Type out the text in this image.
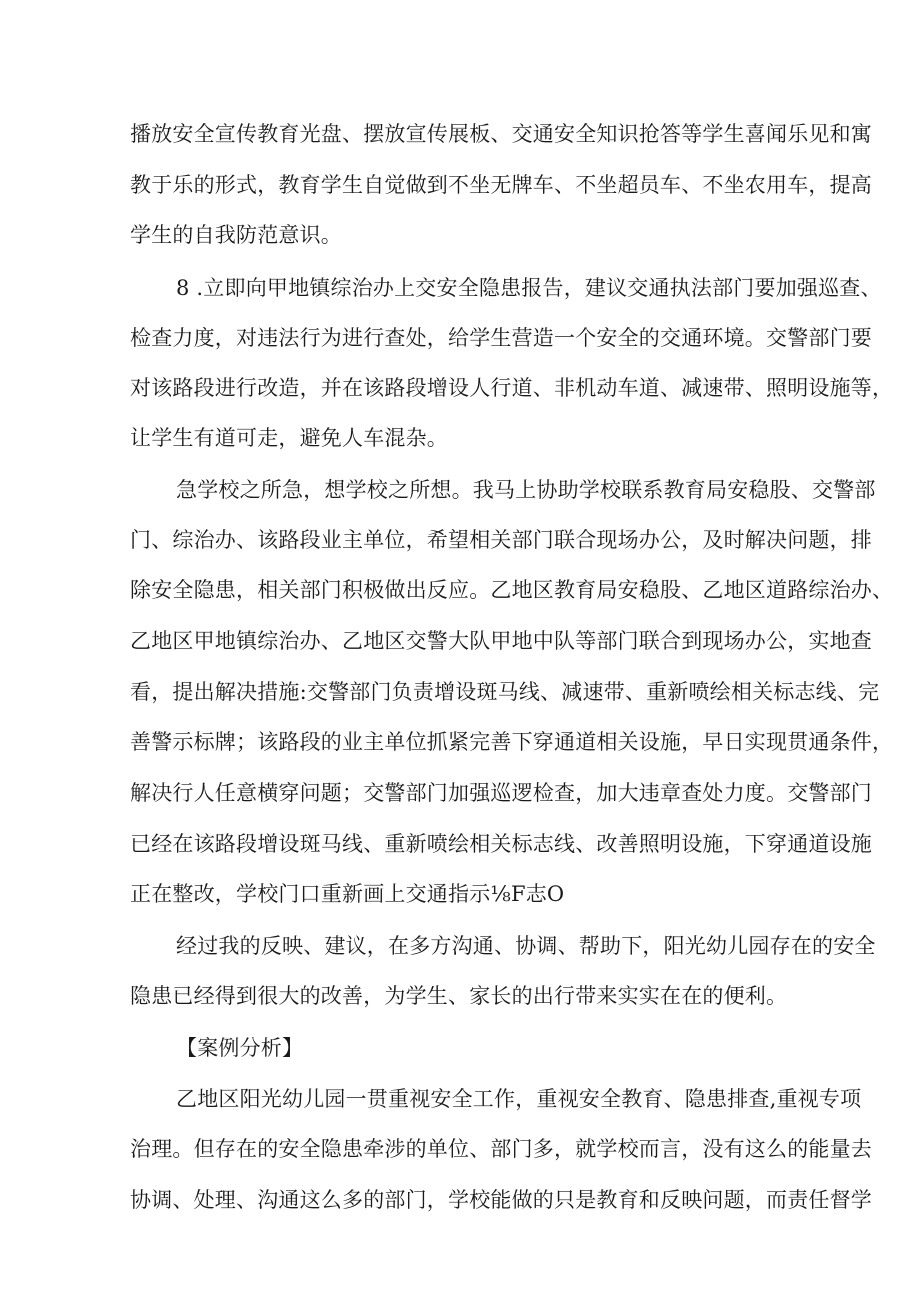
播放安全宣传教育光盘、摆放宣传展板、交通安全知识抢答等学生喜闻乐见和寓
教于乐的形式，教育学生自觉做到不坐无牌车、不坐超员车、不坐农用车，提高
学生的自我防范意识。
8 .立即向甲地镇综治办上交安全隐患报告，建议交通执法部门要加强巡查、
检查力度，对违法行为进行查处，给学生营造一个安全的交通环境。交警部门要
对该路段进行改造，并在该路段增设人行道、非机动车道、减速带、照明设施等，
让学生有道可走，避免人车混杂。
急学校之所急，想学校之所想。我马上协助学校联系教育局安稳股、交警部
门、综治办、该路段业主单位，希望相关部门联合现场办公，及时解决问题，排
除安全隐患，相关部门积极做出反应。乙地区教育局安稳股、乙地区道路综治办、
乙地区甲地镇综治办、乙地区交警大队甲地中队等部门联合到现场办公，实地查
看，提出解决措施:交警部门负责增设斑马线、减速带、重新喷绘相关标志线、完
善警示标牌；该路段的业主单位抓紧完善下穿通道相关设施，早日实现贯通条件，
解决行人任意横穿问题；交警部门加强巡逻检查，加大违章查处力度。交警部门
已经在该路段增设斑马线、重新喷绘相关标志线、改善照明设施，下穿通道设施
正在整改，学校门口重新画上交通指示⅛F志O
经过我的反映、建议，在多方沟通、协调、帮助下，阳光幼儿园存在的安全
隐患已经得到很大的改善，为学生、家长的出行带来实实在在的便利。
【案例分析】
乙地区阳光幼儿园一贯重视安全工作，重视安全教育、隐患排查,重视专项
治理。但存在的安全隐患牵涉的单位、部门多，就学校而言，没有这么的能量去
协调、处理、沟通这么多的部门，学校能做的只是教育和反映问题，而责任督学
